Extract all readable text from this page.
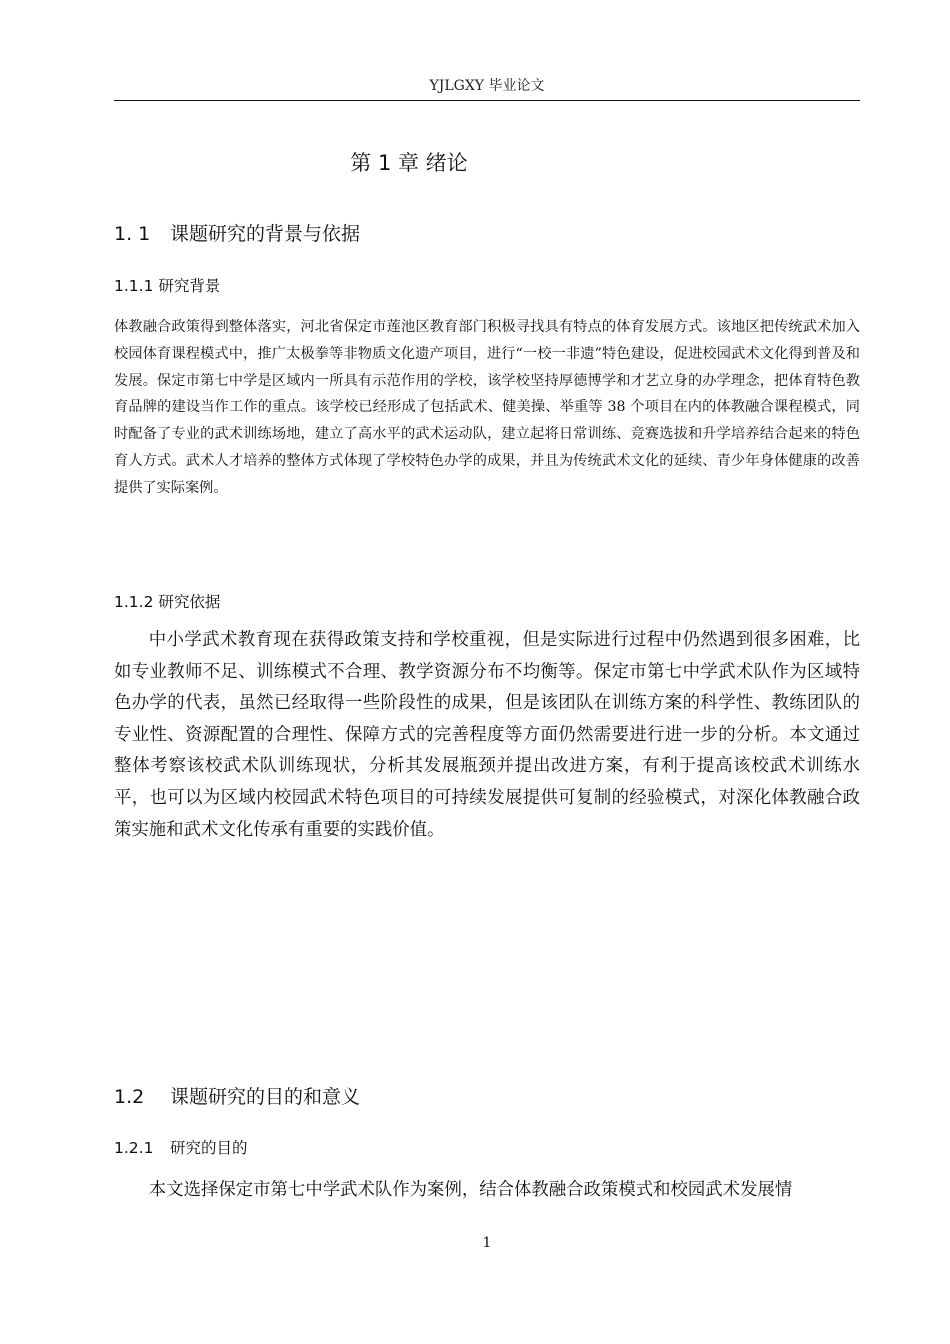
YJLGXY 毕业论文
第 1 章 绪论
1. 1 课题研究的背景与依据
1.1.1 研究背景

体教融合政策得到整体落实，河北省保定市莲池区教育部门积极寻找具有特点的体育发展方式。该地区把传统武术加入校园体育课程模式中，推广太极拳等非物质文化遗产项目，进行“一校一非遗”特色建设，促进校园武术文化得到普及和发展。保定市第七中学是区域内一所具有示范作用的学校，该学校坚持厚德博学和才艺立身的办学理念，把体育特色教育品牌的建设当作工作的重点。该学校已经形成了包括武术、健美操、举重等 38 个项目在内的体教融合课程模式，同时配备了专业的武术训练场地，建立了高水平的武术运动队，建立起将日常训练、竞赛选拔和升学培养结合起来的特色育人方式。武术人才培养的整体方式体现了学校特色办学的成果，并且为传统武术文化的延续、青少年身体健康的改善提供了实际案例。

1.1.2 研究依据

中小学武术教育现在获得政策支持和学校重视，但是实际进行过程中仍然遇到很多困难，比如专业教师不足、训练模式不合理、教学资源分布不均衡等。保定市第七中学武术队作为区域特色办学的代表，虽然已经取得一些阶段性的成果，但是该团队在训练方案的科学性、教练团队的专业性、资源配置的合理性、保障方式的完善程度等方面仍然需要进行进一步的分析。本文通过整体考察该校武术队训练现状，分析其发展瓶颈并提出改进方案，有利于提高该校武术训练水平，也可以为区域内校园武术特色项目的可持续发展提供可复制的经验模式，对深化体教融合政策实施和武术文化传承有重要的实践价值。

1.2 课题研究的目的和意义
1.2.1 研究的目的

本文选择保定市第七中学武术队作为案例，结合体教融合政策模式和校园武术发展情

1
